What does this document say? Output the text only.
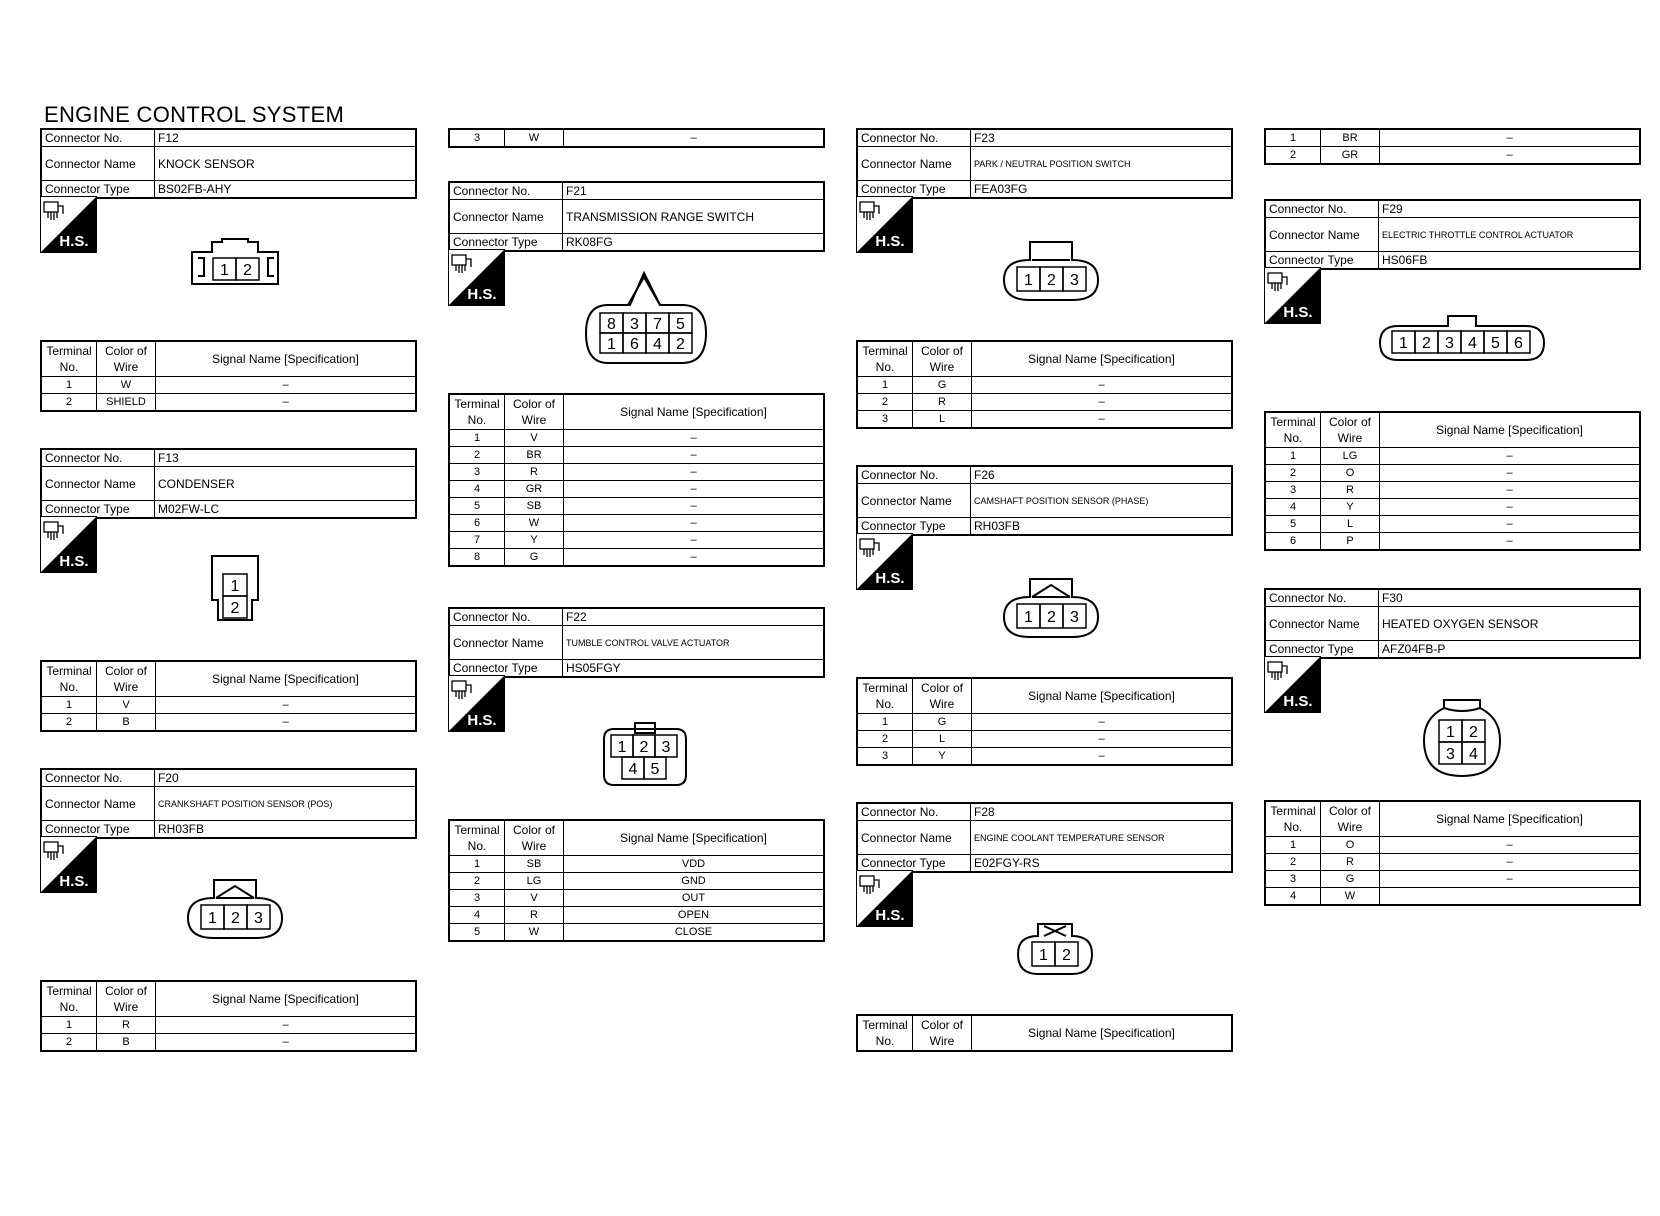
ENGINE CONTROL SYSTEM
Connector No.	F12
Connector Name	KNOCK SENSOR
Connector Type	BS02FB-AHY
H.S.
1 2
Terminal No.	Color of Wire	Signal Name [Specification]
1	W	–
2	SHIELD	–
Connector No.	F13
Connector Name	CONDENSER
Connector Type	M02FW-LC
H.S.
1
2
Terminal No.	Color of Wire	Signal Name [Specification]
1	V	–
2	B	–
Connector No.	F20
Connector Name	CRANKSHAFT POSITION SENSOR (POS)
Connector Type	RH03FB
H.S.
1 2 3
Terminal No.	Color of Wire	Signal Name [Specification]
1	R	–
2	B	–
3	W	–
Connector No.	F21
Connector Name	TRANSMISSION RANGE SWITCH
Connector Type	RK08FG
H.S.
8 3 7 5
1 6 4 2
Terminal No.	Color of Wire	Signal Name [Specification]
1	V	–
2	BR	–
3	R	–
4	GR	–
5	SB	–
6	W	–
7	Y	–
8	G	–
Connector No.	F22
Connector Name	TUMBLE CONTROL VALVE ACTUATOR
Connector Type	HS05FGY
H.S.
1 2 3
4 5
Terminal No.	Color of Wire	Signal Name [Specification]
1	SB	VDD
2	LG	GND
3	V	OUT
4	R	OPEN
5	W	CLOSE
Connector No.	F23
Connector Name	PARK / NEUTRAL POSITION SWITCH
Connector Type	FEA03FG
H.S.
1 2 3
Terminal No.	Color of Wire	Signal Name [Specification]
1	G	–
2	R	–
3	L	–
Connector No.	F26
Connector Name	CAMSHAFT POSITION SENSOR (PHASE)
Connector Type	RH03FB
H.S.
1 2 3
Terminal No.	Color of Wire	Signal Name [Specification]
1	G	–
2	L	–
3	Y	–
Connector No.	F28
Connector Name	ENGINE COOLANT TEMPERATURE SENSOR
Connector Type	E02FGY-RS
H.S.
1 2
Terminal No.	Color of Wire	Signal Name [Specification]
1	BR	–
2	GR	–
Connector No.	F29
Connector Name	ELECTRIC THROTTLE CONTROL ACTUATOR
Connector Type	HS06FB
H.S.
1 2 3 4 5 6
Terminal No.	Color of Wire	Signal Name [Specification]
1	LG	–
2	O	–
3	R	–
4	Y	–
5	L	–
6	P	–
Connector No.	F30
Connector Name	HEATED OXYGEN SENSOR
Connector Type	AFZ04FB-P
H.S.
1 2
3 4
Terminal No.	Color of Wire	Signal Name [Specification]
1	O	–
2	R	–
3	G	–
4	W	
